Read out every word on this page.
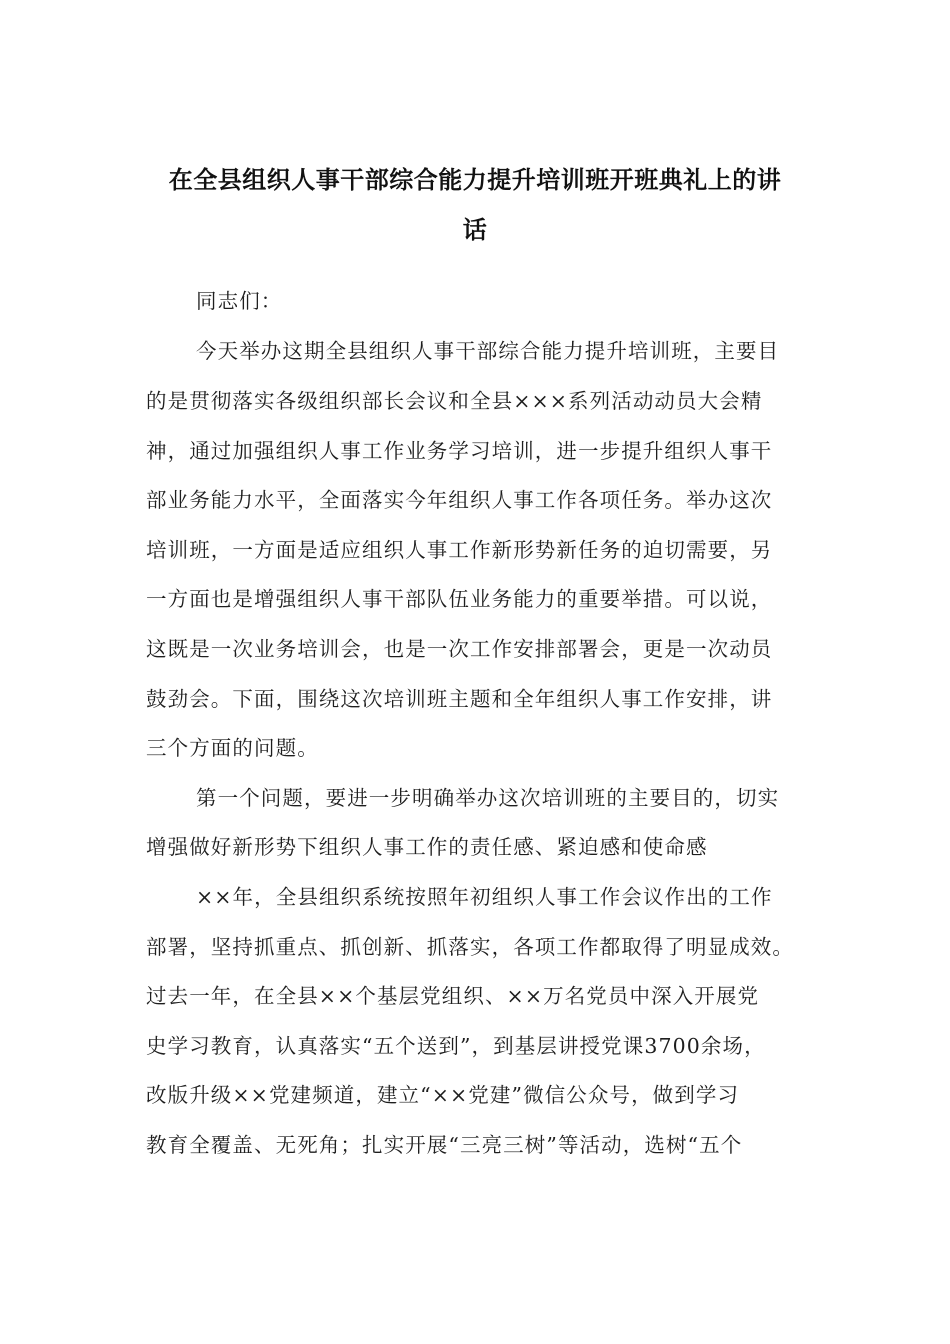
在全县组织人事干部综合能力提升培训班开班典礼上的讲
话
同志们：
今天举办这期全县组织人事干部综合能力提升培训班，主要目
的是贯彻落实各级组织部长会议和全县×××系列活动动员大会精
神，通过加强组织人事工作业务学习培训，进一步提升组织人事干
部业务能力水平，全面落实今年组织人事工作各项任务。举办这次
培训班，一方面是适应组织人事工作新形势新任务的迫切需要，另
一方面也是增强组织人事干部队伍业务能力的重要举措。可以说，
这既是一次业务培训会，也是一次工作安排部署会，更是一次动员
鼓劲会。下面，围绕这次培训班主题和全年组织人事工作安排，讲
三个方面的问题。
第一个问题，要进一步明确举办这次培训班的主要目的，切实
增强做好新形势下组织人事工作的责任感、紧迫感和使命感
××年，全县组织系统按照年初组织人事工作会议作出的工作
部署，坚持抓重点、抓创新、抓落实，各项工作都取得了明显成效。
过去一年，在全县××个基层党组织、××万名党员中深入开展党
史学习教育，认真落实“五个送到”，到基层讲授党课3700余场，
改版升级××党建频道，建立“××党建”微信公众号，做到学习
教育全覆盖、无死角；扎实开展“三亮三树”等活动，选树“五个
